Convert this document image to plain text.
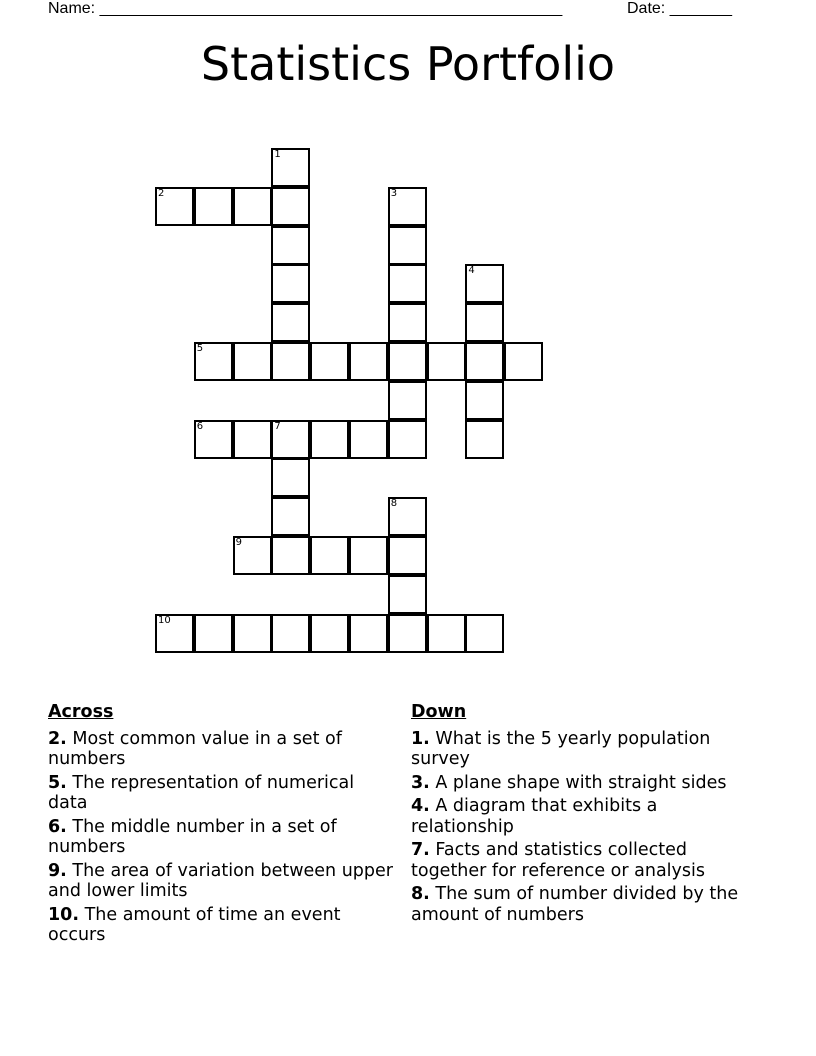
Name: ____________________________________________________	Date: _______
Statistics Portfolio
1
2	3
4
5
6	7
8
9
10
Across
2. Most common value in a set of numbers
5. The representation of numerical data
6. The middle number in a set of numbers
9. The area of variation between upper and lower limits
10. The amount of time an event occurs
Down
1. What is the 5 yearly population survey
3. A plane shape with straight sides
4. A diagram that exhibits a relationship
7. Facts and statistics collected together for reference or analysis
8. The sum of number divided by the amount of numbers
